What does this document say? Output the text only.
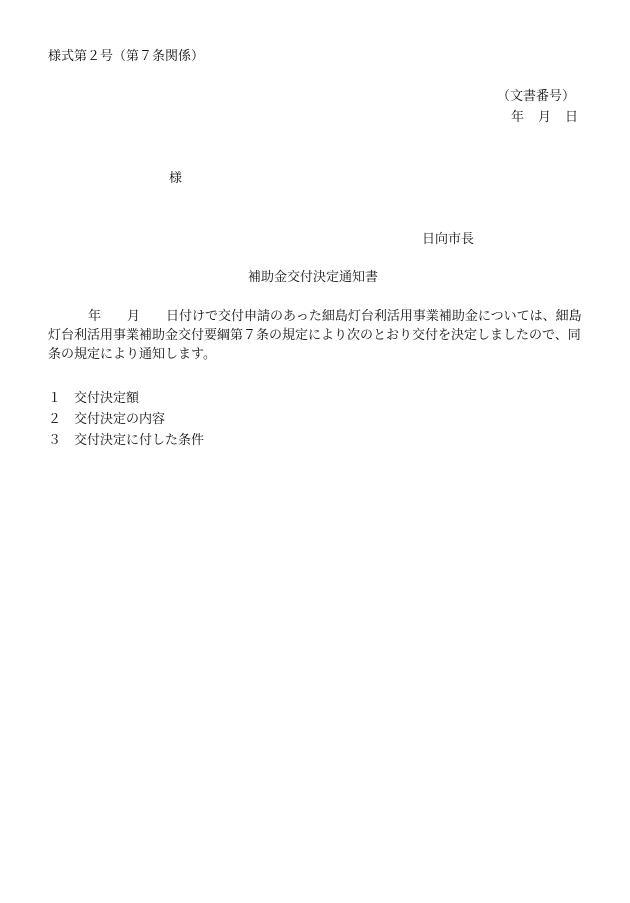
様式第２号（第７条関係）
（文書番号）
年 月 日
様
日向市長
補助金交付決定通知書
年 月 日付けで交付申請のあった細島灯台利活用事業補助金については、細島灯台利活用事業補助金交付要綱第７条の規定により次のとおり交付を決定しましたので、同条の規定により通知します。
１ 交付決定額
２ 交付決定の内容
３ 交付決定に付した条件
